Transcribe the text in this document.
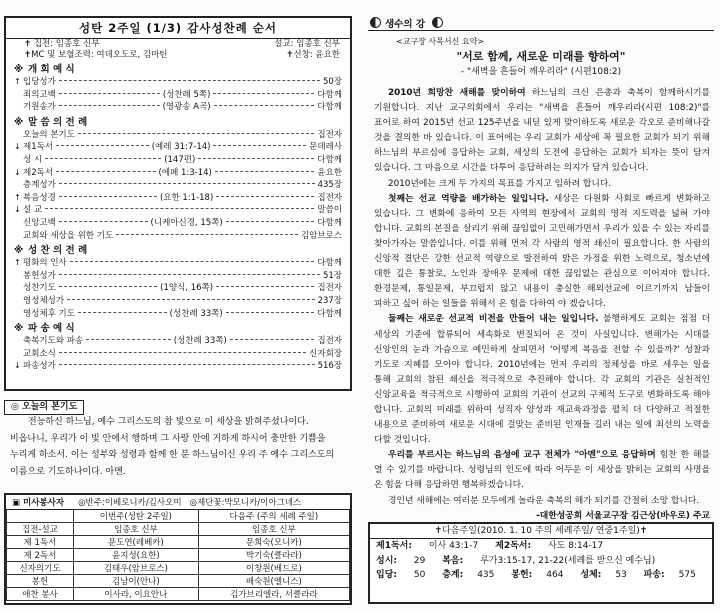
성탄 2주일 (1/3) 감사성찬례 순서
✝ 집전: 임종호 신부	설교: 임종호 신부
✝MC 및 보혈조력: 여데오도로, 김마틴	✝선창: 윤요한
※ 개 회 예 식
↑ 입당성가	50장
죄의고백	(성찬례 5쪽)	다함께
기원송가	(영광송 A곡)	다함께
※ 말 씀 의 전 례
오늘의 본기도	집전자
↓ 제1독서	(예레 31:7-14)	문데레사
성 시	(147편)	다함께
↓ 제2독서	(에페 1:3-14)	윤요한
층계성가	435장
↑ 복음성경	(요한 1:1-18)	집전자
↓ 설 교	말씀이
신앙고백	(니케아신경, 15쪽)	다함께
교회와 세상을 위한 기도	김암브로스
※ 성 찬 의 전 례
↑ 평화의 인사	다함께
봉헌성가	51장
성찬기도	(1양식, 16쪽)	집전자
영성체성가	237장
영성체후 기도	(성찬례 33쪽)	다함께
※ 파 송 예 식
축복기도와 파송	(성찬례 33쪽)	집전자
교회소식	신자회장
↓ 파송성가	516장
◎ 오늘의 본기도
전능하신 하느님, 예수 그리스도의 참 빛으로 이 세상을 밝혀주셨나이다. 비옵나니, 우리가 이 빛 안에서 행하며 그 사랑 안에 거하게 하시어 충만한 기쁨을 누리게 하소서. 이는 성부와 성령과 함께 한 분 하느님이신 우리 주 예수 그리스도의 이름으로 기도하나이다. 아멘.
▣ 미사봉사자 ◎반주:이베로니카/김사오미 ◎제단꽃:박모니카/이아그네스
	이번주(성탄 2주일)	다음주 (주의 세례 주일)
집전-설교	임종호 신부	임종호 신부
제 1독서	문도연(레베카)	문희숙(모니카)
제 2독서	윤지성(요한)	박기숙(클라라)
신자의기도	김태우(암브로스)	이창원(베드로)
봉헌	김남이(안나)	배숙원(엘니스)
애찬 봉사	이사라, 이요안나	김가브리엘라, 서클라라
생수의 강
<교구장 사목서신 요약>
"서로 함께, 새로운 미래를 향하여"
- "새벽을 흔들어 깨우리라" (시편108:2)

2010년 희망찬 새해를 맞이하여 하느님의 크신 은총과 축복이 함께하시기를 기원합니다. 지난 교구의회에서 우리는 "새벽을 흔들어 깨우리라(시편 108:2)"를 표어로 하여 2015년 선교 125주년을 내딛 있게 맞이하도록 새로운 각오로 준비해나갈 것을 결의한 바 있습니다. 이 표어에는 우리 교회가 세상에 꼭 필요한 교회가 되기 위해 하느님의 부르심에 응답하는 교회, 세상의 도전에 응답하는 교회가 되자는 뜻이 담겨 있습니다. 그 마음으로 시간을 다투어 응답하려는 의지가 담겨 있습니다.

2010년에는 크게 두 가지의 목표를 가지고 임하려 합니다.

첫째는 선교 역량을 배가하는 일입니다. 세상은 다원화 사회로 빠르게 변화하고 있습니다. 그 변화에 응하여 모든 사역의 현장에서 교회의 영적 지도력을 넓혀 가야 합니다. 교회의 본질을 살리기 위해 끊임없이 고민해가면서 우리가 있을 수 있는 자리를 찾아가자는 말씀입니다. 이를 위해 먼저 각 사람의 영적 쇄신이 필요합니다. 한 사람의 신앙적 결단은 강한 선교적 역량으로 발전하여 밝은 가정을 위한 노력으로, 청소년에 대한 깊은 통찰로, 노인과 장애우 문제에 대한 끊임없는 관심으로 이어져야 합니다. 환경문제, 통일문제, 부끄럽지 않고 내용이 충실한 해외선교에 이르기까지 남들이 피하고 싶어 하는 일들을 위해서 온 힘을 다하여 야 겠습니다.

둘째는 새로운 선교적 비전을 만들어 내는 일입니다. 불행하게도 교회는 점점 더 세상의 기준에 합류되어 세속화로 변질되어 온 것이 사실입니다. 변해가는 시대를 신앙인의 눈과 가슴으로 예민하게 살피면서 '어떻게 복음을 전할 수 있을까?' 성찰과 기도로 지혜를 모아야 합니다. 2010년에는 먼저 우리의 정체성을 바로 세우는 일을 통해 교회의 참된 쇄신을 적극적으로 추진해야 합니다. 각 교회의 기관은 실천적인 신앙교육을 적극적으로 시행하여 교회의 기관이 선교의 구체적 도구로 변화하도록 해야 합니다. 교회의 미래를 위하여 성직자 양성과 재교육과정을 펼치 더 다양하고 적절한 내용으로 준비하여 새로운 시대에 걸맞는 준비된 인재들 길러 내는 일에 최선의 노력을 다할 것입니다.

우리를 부르시는 하느님의 음성에 교구 전체가 "아멘"으로 응답하며 힘찬 한 해를 열 수 있기를 바랍니다. 성령님의 인도에 따라 어두운 이 세상을 밝히는 교회의 사명을 온 힘을 다해 응답하면 행복하겠습니다.

경인년 새해에는 여러분 모두에게 놀라운 축복의 해가 되기를 간절히 소망 합니다.

-대한성공회 서울교구장 김근상(바우로) 주교

✝다음주일(2010. 1. 10 주의 세례주일/ 연중1주일)✝
제1독서: 이사 43:1-7 제2독서: 사도 8:14-17
성시: 29 복음: 루가3:15-17, 21-22(세례를 받으신 예수님)
입당: 50 층계: 435 봉헌: 464 성체: 53 파송: 575
